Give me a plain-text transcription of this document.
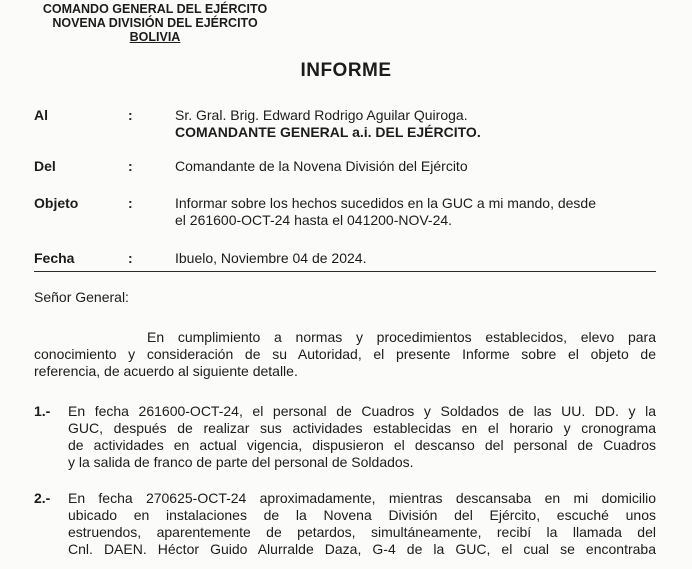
COMANDO GENERAL DEL EJÉRCITO
NOVENA DIVISIÓN DEL EJÉRCITO
BOLIVIA
INFORME
Al	:	Sr. Gral. Brig. Edward Rodrigo Aguilar Quiroga.
COMANDANTE GENERAL a.i. DEL EJÉRCITO.
Del	:	Comandante de la Novena División del Ejército
Objeto	:	Informar sobre los hechos sucedidos en la GUC a mi mando, desde
el 261600-OCT-24 hasta el 041200-NOV-24.
Fecha	:	Ibuelo, Noviembre 04 de 2024.
Señor General:
En cumplimiento a normas y procedimientos establecidos, elevo para
conocimiento y consideración de su Autoridad, el presente Informe sobre el objeto de
referencia, de acuerdo al siguiente detalle.
1.- En fecha 261600-OCT-24, el personal de Cuadros y Soldados de las UU. DD. y la
GUC, después de realizar sus actividades establecidas en el horario y cronograma
de actividades en actual vigencia, dispusieron el descanso del personal de Cuadros
y la salida de franco de parte del personal de Soldados.
2.- En fecha 270625-OCT-24 aproximadamente, mientras descansaba en mi domicilio
ubicado en instalaciones de la Novena División del Ejército, escuché unos
estruendos, aparentemente de petardos, simultáneamente, recibí la llamada del
Cnl. DAEN. Héctor Guido Alurralde Daza, G-4 de la GUC, el cual se encontraba
